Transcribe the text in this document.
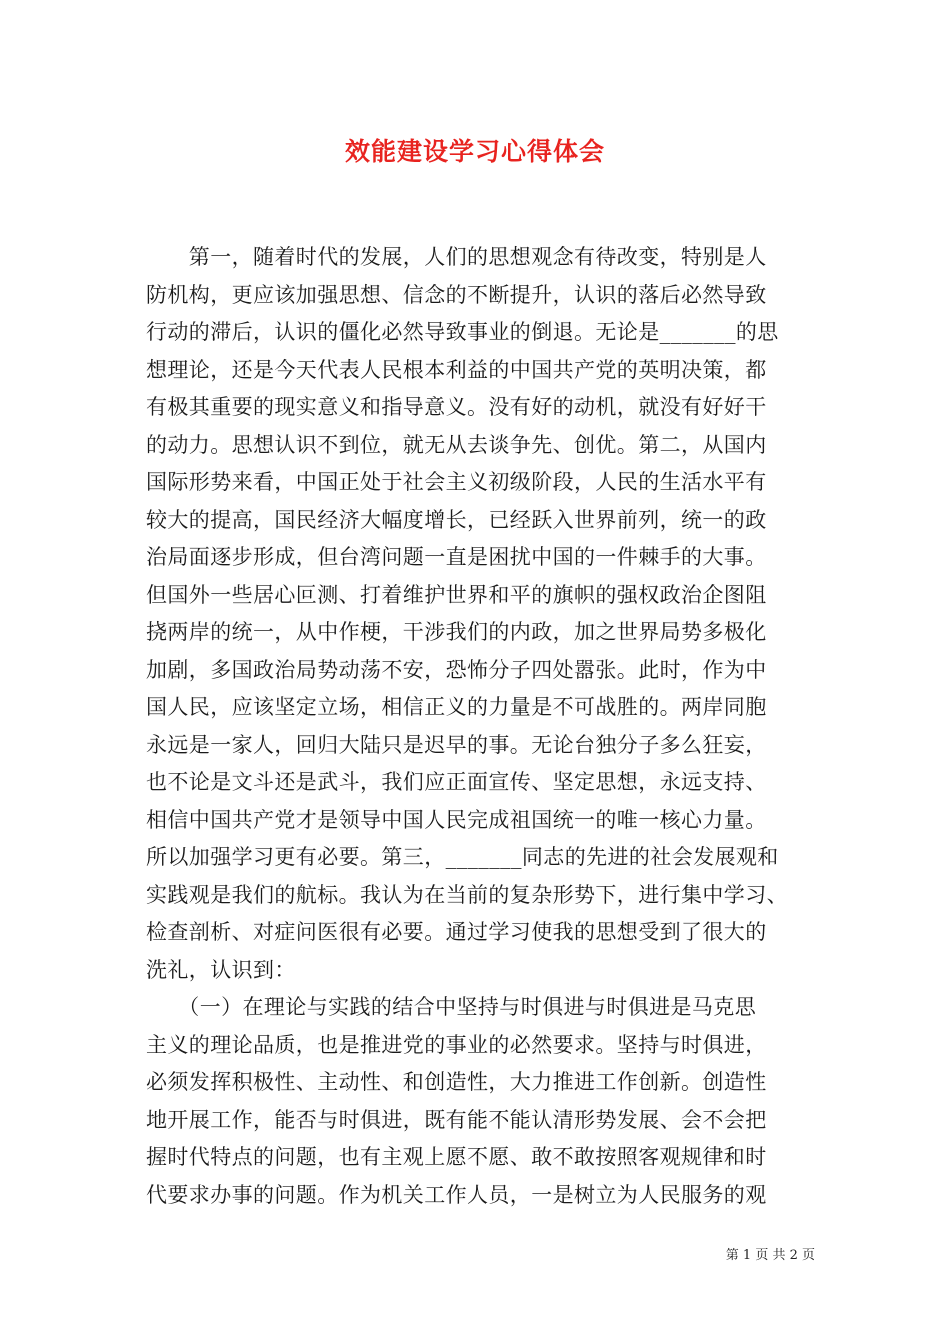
效能建设学习心得体会
　　第一，随着时代的发展，人们的思想观念有待改变，特别是人
防机构，更应该加强思想、信念的不断提升，认识的落后必然导致
行动的滞后，认识的僵化必然导致事业的倒退。无论是_______的思
想理论，还是今天代表人民根本利益的中国共产党的英明决策，都
有极其重要的现实意义和指导意义。没有好的动机，就没有好好干
的动力。思想认识不到位，就无从去谈争先、创优。第二，从国内
国际形势来看，中国正处于社会主义初级阶段，人民的生活水平有
较大的提高，国民经济大幅度增长，已经跃入世界前列，统一的政
治局面逐步形成，但台湾问题一直是困扰中国的一件棘手的大事。
但国外一些居心叵测、打着维护世界和平的旗帜的强权政治企图阻
挠两岸的统一，从中作梗，干涉我们的内政，加之世界局势多极化
加剧，多国政治局势动荡不安，恐怖分子四处嚣张。此时，作为中
国人民，应该坚定立场，相信正义的力量是不可战胜的。两岸同胞
永远是一家人，回归大陆只是迟早的事。无论台独分子多么狂妄，
也不论是文斗还是武斗，我们应正面宣传、坚定思想，永远支持、
相信中国共产党才是领导中国人民完成祖国统一的唯一核心力量。
所以加强学习更有必要。第三，_______同志的先进的社会发展观和
实践观是我们的航标。我认为在当前的复杂形势下，进行集中学习、
检查剖析、对症问医很有必要。通过学习使我的思想受到了很大的
洗礼，认识到：
　　（一）在理论与实践的结合中坚持与时俱进与时俱进是马克思
主义的理论品质，也是推进党的事业的必然要求。坚持与时俱进，
必须发挥积极性、主动性、和创造性，大力推进工作创新。创造性
地开展工作，能否与时俱进，既有能不能认清形势发展、会不会把
握时代特点的问题，也有主观上愿不愿、敢不敢按照客观规律和时
代要求办事的问题。作为机关工作人员，一是树立为人民服务的观
第 1 页 共 2 页
